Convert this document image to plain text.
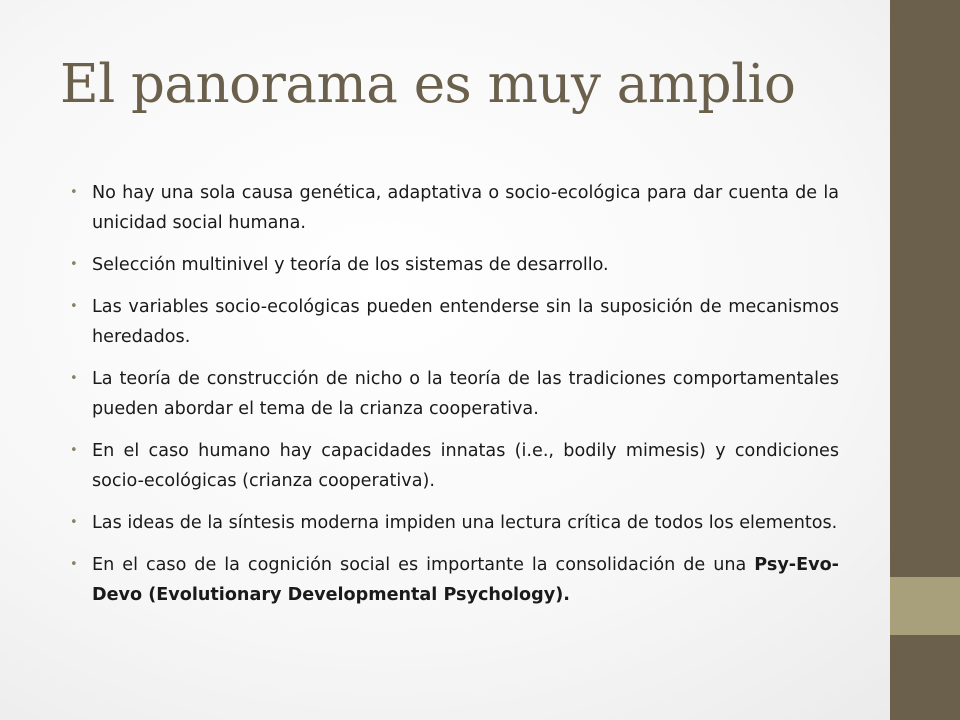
El panorama es muy amplio
• No hay una sola causa genética, adaptativa o socio-ecológica para dar cuenta de la unicidad social humana.
• Selección multinivel y teoría de los sistemas de desarrollo.
• Las variables socio-ecológicas pueden entenderse sin la suposición de mecanismos heredados.
• La teoría de construcción de nicho o la teoría de las tradiciones comportamentales pueden abordar el tema de la crianza cooperativa.
• En el caso humano hay capacidades innatas (i.e., bodily mimesis) y condiciones socio-ecológicas (crianza cooperativa).
• Las ideas de la síntesis moderna impiden una lectura crítica de todos los elementos.
• En el caso de la cognición social es importante la consolidación de una Psy-Evo-Devo (Evolutionary Developmental Psychology).
